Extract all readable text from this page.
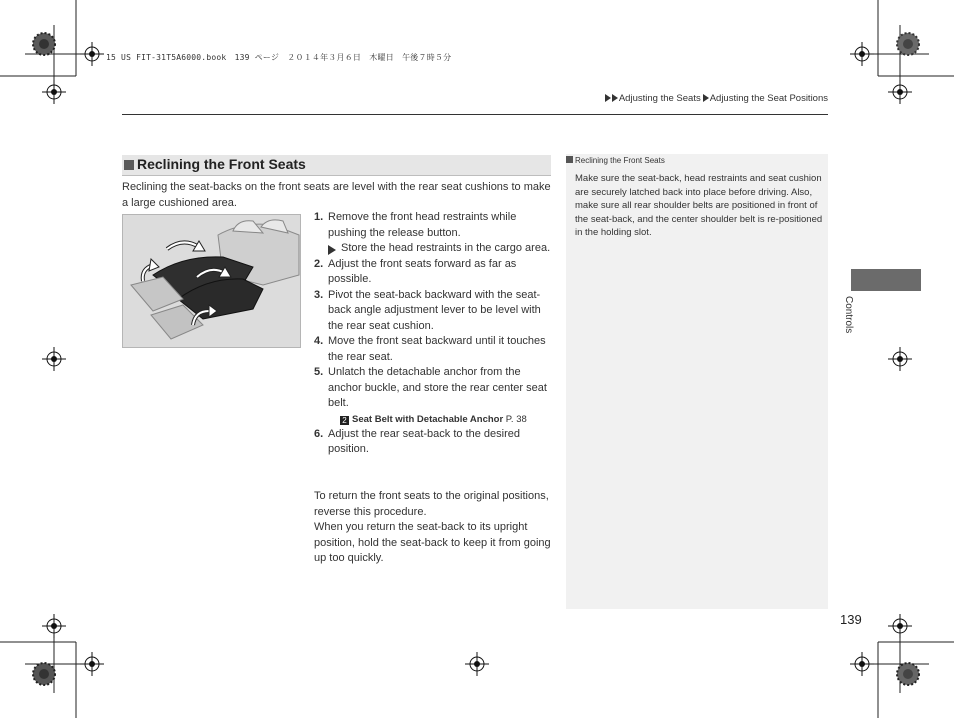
15 US FIT-31T5A6000.book　139 ページ　２０１４年３月６日　木曜日　午後７時５分
Adjusting the Seats Adjusting the Seat Positions
Reclining the Front Seats
Reclining the seat-backs on the front seats are level with the rear seat cushions to make a large cushioned area.
1. Remove the front head restraints while pushing the release button.
Store the head restraints in the cargo area.
2. Adjust the front seats forward as far as possible.
3. Pivot the seat-back backward with the seat-back angle adjustment lever to be level with the rear seat cushion.
4. Move the front seat backward until it touches the rear seat.
5. Unlatch the detachable anchor from the anchor buckle, and store the rear center seat belt.
2 Seat Belt with Detachable Anchor P. 38
6. Adjust the rear seat-back to the desired position.
To return the front seats to the original positions, reverse this procedure.
When you return the seat-back to its upright position, hold the seat-back to keep it from going up too quickly.
Reclining the Front Seats
Make sure the seat-back, head restraints and seat cushion are securely latched back into place before driving. Also, make sure all rear shoulder belts are positioned in front of the seat-back, and the center shoulder belt is re-positioned in the holding slot.
Controls
139
